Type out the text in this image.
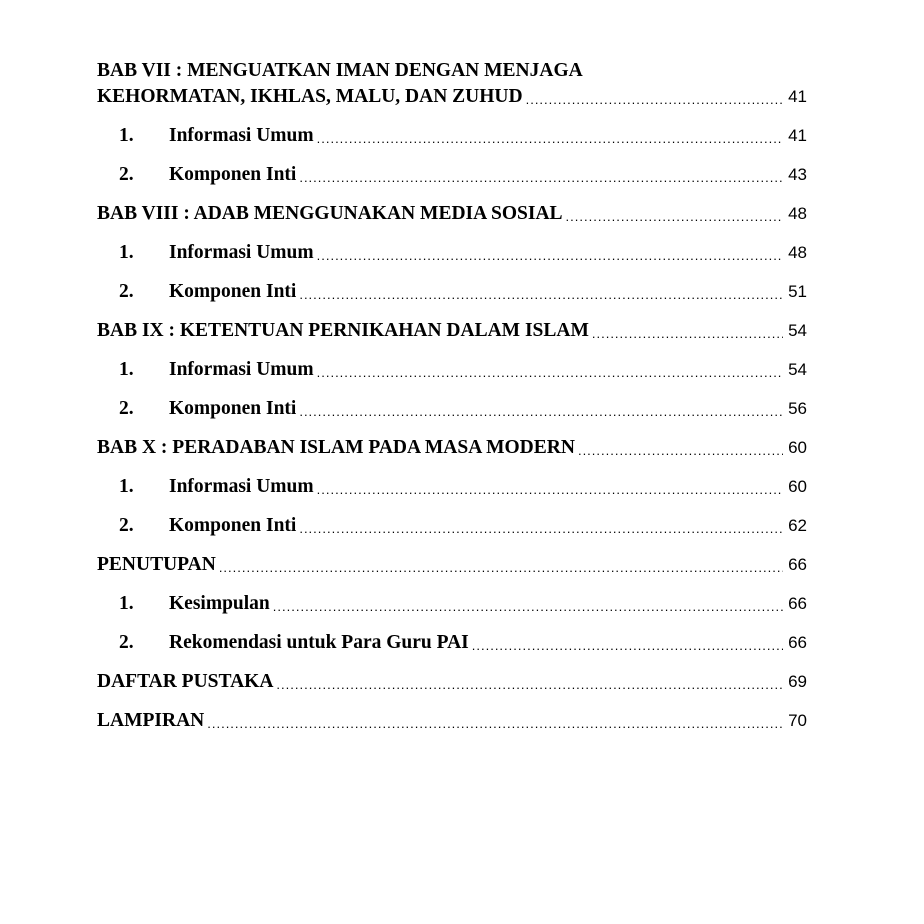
BAB VII : MENGUATKAN IMAN DENGAN MENJAGA
KEHORMATAN, IKHLAS, MALU, DAN ZUHUD .....	41
1.	Informasi Umum .....	41
2.	Komponen Inti .....	43
BAB VIII : ADAB MENGGUNAKAN MEDIA SOSIAL .....	48
1.	Informasi Umum .....	48
2.	Komponen Inti .....	51
BAB IX : KETENTUAN PERNIKAHAN DALAM ISLAM .....	54
1.	Informasi Umum .....	54
2.	Komponen Inti .....	56
BAB X : PERADABAN ISLAM PADA MASA MODERN .....	60
1.	Informasi Umum .....	60
2.	Komponen Inti .....	62
PENUTUPAN .....	66
1.	Kesimpulan .....	66
2.	Rekomendasi untuk Para Guru PAI .....	66
DAFTAR PUSTAKA .....	69
LAMPIRAN .....	70
